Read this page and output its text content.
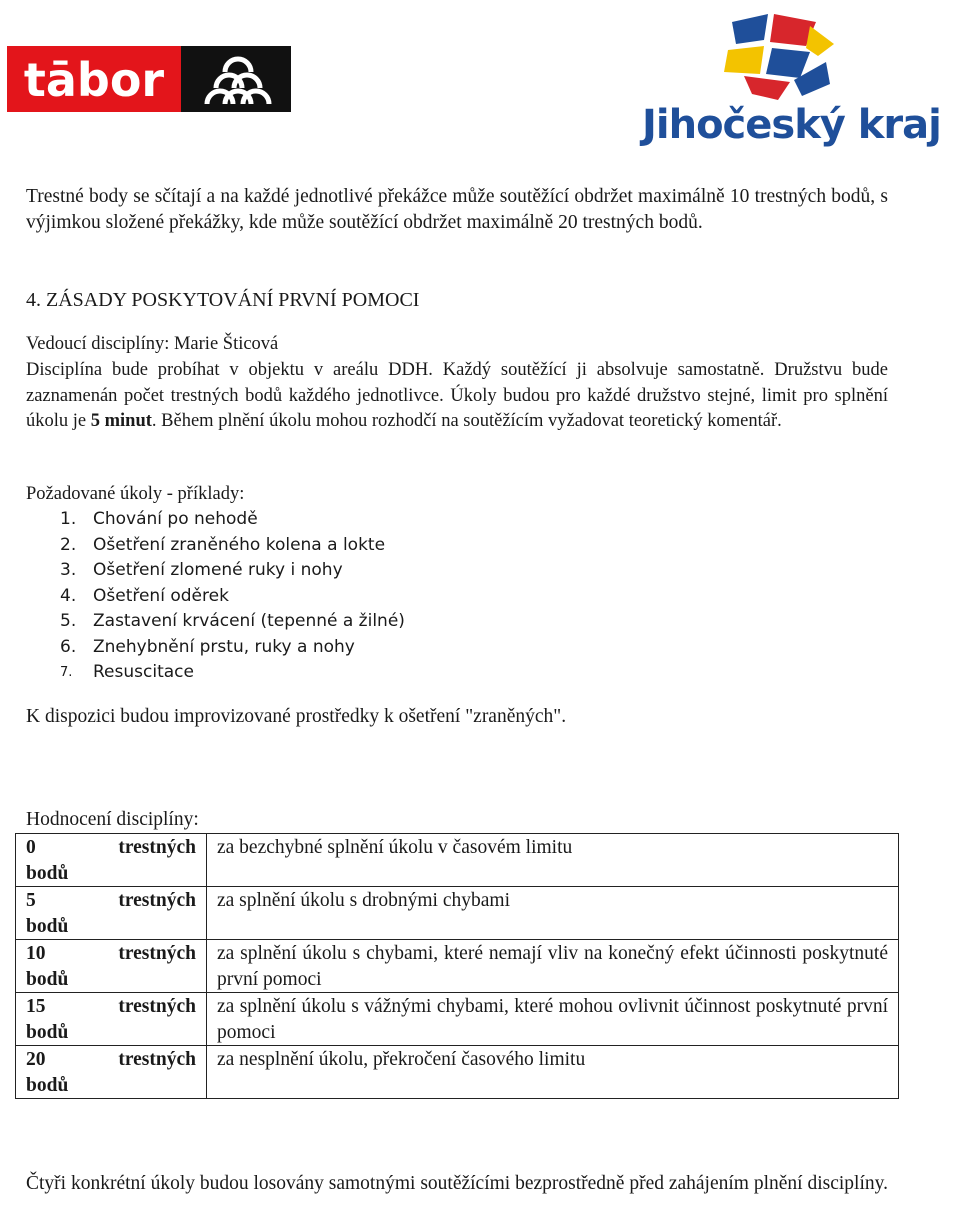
tābor
Jihočeský kraj
Trestné body se sčítají a na každé jednotlivé překážce může soutěžící obdržet maximálně 10 trestných bodů, s výjimkou složené překážky, kde může soutěžící obdržet maximálně 20 trestných bodů.
4. ZÁSADY POSKYTOVÁNÍ PRVNÍ POMOCI
Vedoucí disciplíny: Marie Šticová
Disciplína bude probíhat v objektu v areálu DDH. Každý soutěžící ji absolvuje samostatně. Družstvu bude zaznamenán počet trestných bodů každého jednotlivce. Úkoly budou pro každé družstvo stejné, limit pro splnění úkolu je 5 minut. Během plnění úkolu mohou rozhodčí na soutěžícím vyžadovat teoretický komentář.
Požadované úkoly - příklady:
1. Chování po nehodě
2. Ošetření zraněného kolena a lokte
3. Ošetření zlomené ruky i nohy
4. Ošetření oděrek
5. Zastavení krvácení (tepenné a žilné)
6. Znehybnění prstu, ruky a nohy
7.	Resuscitace
K dispozici budou improvizované prostředky k ošetření "zraněných".
Hodnocení disciplíny:
0 trestných
bodů	za bezchybné splnění úkolu v časovém limitu

5 trestných
bodů	za splnění úkolu s drobnými chybami

10 trestných
bodů	za splnění úkolu s chybami, které nemají vliv na konečný efekt účinnosti poskytnuté první pomoci

15 trestných
bodů	za splnění úkolu s vážnými chybami, které mohou ovlivnit účinnost poskytnuté první pomoci

20 trestných
bodů	za nesplnění úkolu, překročení časového limitu
Čtyři konkrétní úkoly budou losovány samotnými soutěžícími bezprostředně před zahájením plnění disciplíny.
